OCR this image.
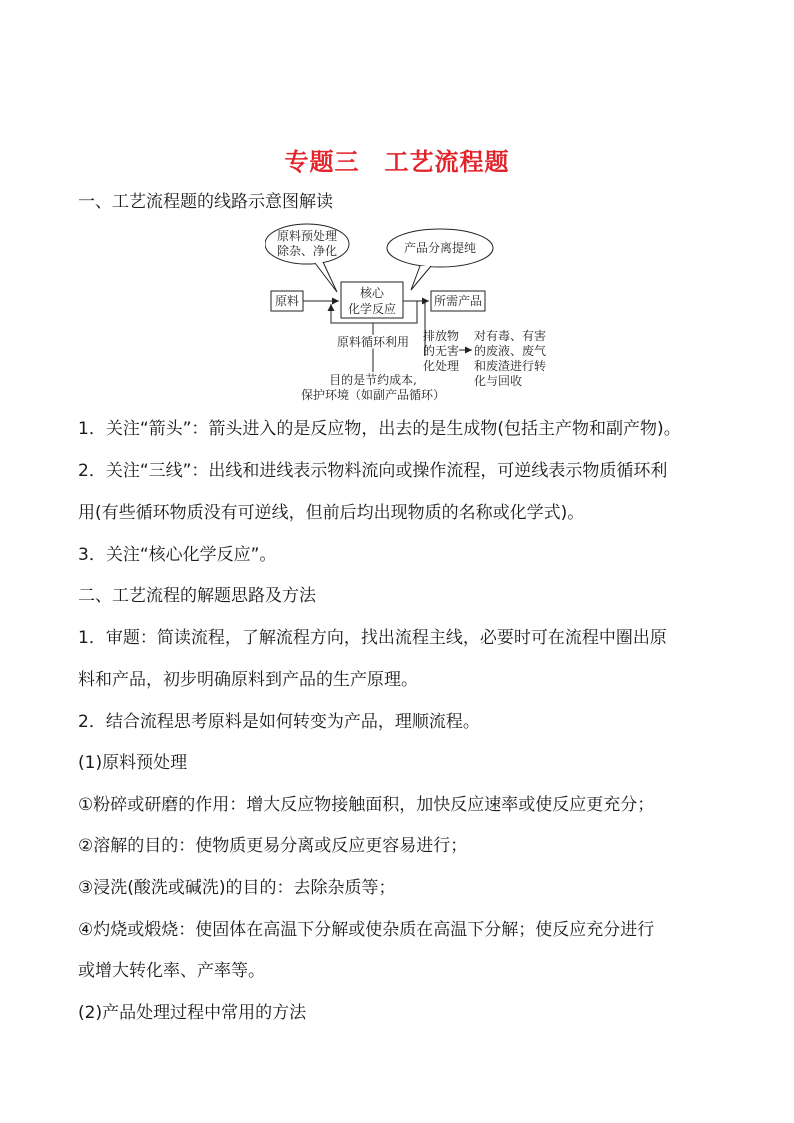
专题三　工艺流程题
一、工艺流程题的线路示意图解读
原料预处理
除杂、净化	产品分离提纯
原料
核心
化学反应
所需产品
原料循环利用
目的是节约成本,
保护环境（如副产品循环）
排放物
的无害
化处理
对有毒、有害
的废液、废气
和废渣进行转
化与回收
1．关注“箭头”：箭头进入的是反应物，出去的是生成物(包括主产物和副产物)。
2．关注“三线”：出线和进线表示物料流向或操作流程，可逆线表示物质循环利
用(有些循环物质没有可逆线，但前后均出现物质的名称或化学式)。
3．关注“核心化学反应”。
二、工艺流程的解题思路及方法
1．审题：简读流程，了解流程方向，找出流程主线，必要时可在流程中圈出原
料和产品，初步明确原料到产品的生产原理。
2．结合流程思考原料是如何转变为产品，理顺流程。
(1)原料预处理
①粉碎或研磨的作用：增大反应物接触面积，加快反应速率或使反应更充分；
②溶解的目的：使物质更易分离或反应更容易进行；
③浸洗(酸洗或碱洗)的目的：去除杂质等；
④灼烧或煅烧：使固体在高温下分解或使杂质在高温下分解；使反应充分进行
或增大转化率、产率等。
(2)产品处理过程中常用的方法
